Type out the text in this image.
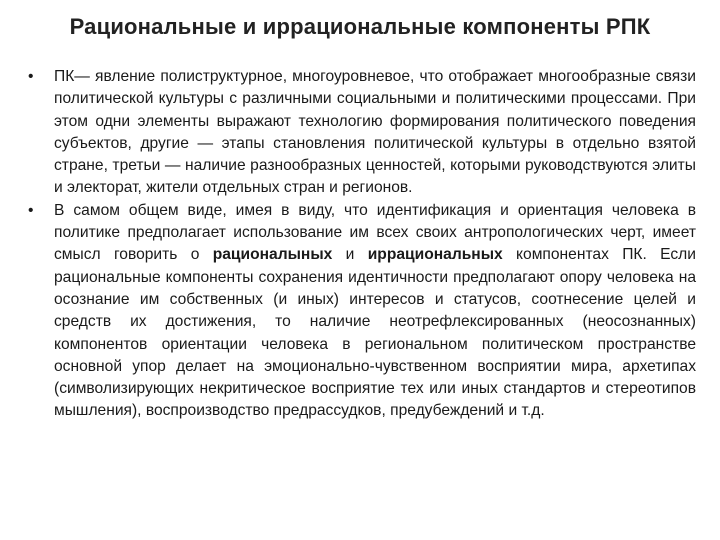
Рациональные и иррациональные компоненты РПК
•	ПК— явление полиструктурное, многоуровневое, что отображает многообразные связи политической культуры с различными социальными и политическими процессами. При этом одни элементы выражают технологию формирования политического поведения субъектов, другие — этапы становления политической культуры в отдельно взятой стране, третьи — наличие разнообразных ценностей, которыми руководствуются элиты и электорат, жители отдельных стран и регионов.
•	В самом общем виде, имея в виду, что идентификация и ориентация человека в политике предполагает использование им всех своих антропологических черт, имеет смысл говорить о рационалыных и иррациональных компонентах ПК. Если рациональные компоненты сохранения идентичности предполагают опору человека на осознание им собственных (и иных) интересов и статусов, соотнесение целей и средств их достижения, то наличие неотрефлексированных (неосознанных) компонентов ориентации человека в региональном политическом пространстве основной упор делает на эмоционально-чувственном восприятии мира, архетипах (символизирующих некритическое восприятие тех или иных стандартов и стереотипов мышления), воспроизводство предрассудков, предубеждений и т.д.
